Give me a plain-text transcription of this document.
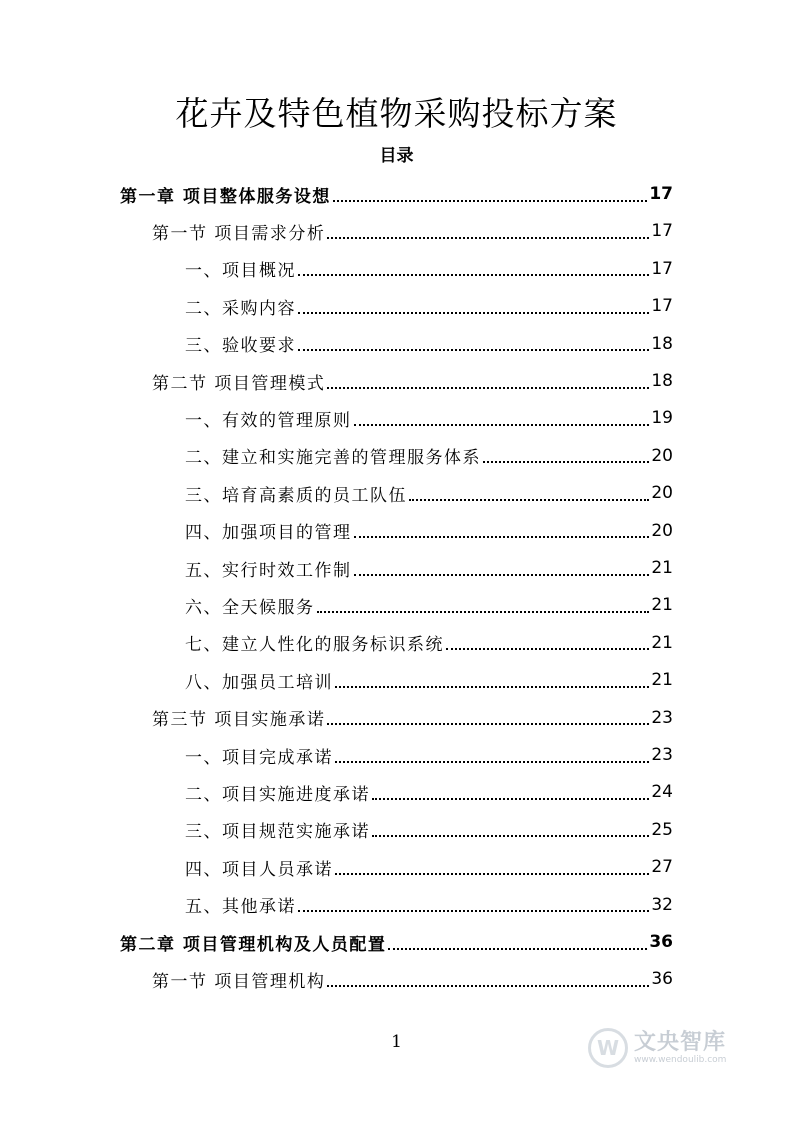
花卉及特色植物采购投标方案
目录
第一章 项目整体服务设想	17
第一节 项目需求分析	17
一、项目概况	17
二、采购内容	17
三、验收要求	18
第二节 项目管理模式	18
一、有效的管理原则	19
二、建立和实施完善的管理服务体系	20
三、培育高素质的员工队伍	20
四、加强项目的管理	20
五、实行时效工作制	21
六、全天候服务	21
七、建立人性化的服务标识系统	21
八、加强员工培训	21
第三节 项目实施承诺	23
一、项目完成承诺	23
二、项目实施进度承诺	24
三、项目规范实施承诺	25
四、项目人员承诺	27
五、其他承诺	32
第二章 项目管理机构及人员配置	36
第一节 项目管理机构	36
1	W 文央智库
www.wendoulib.com
